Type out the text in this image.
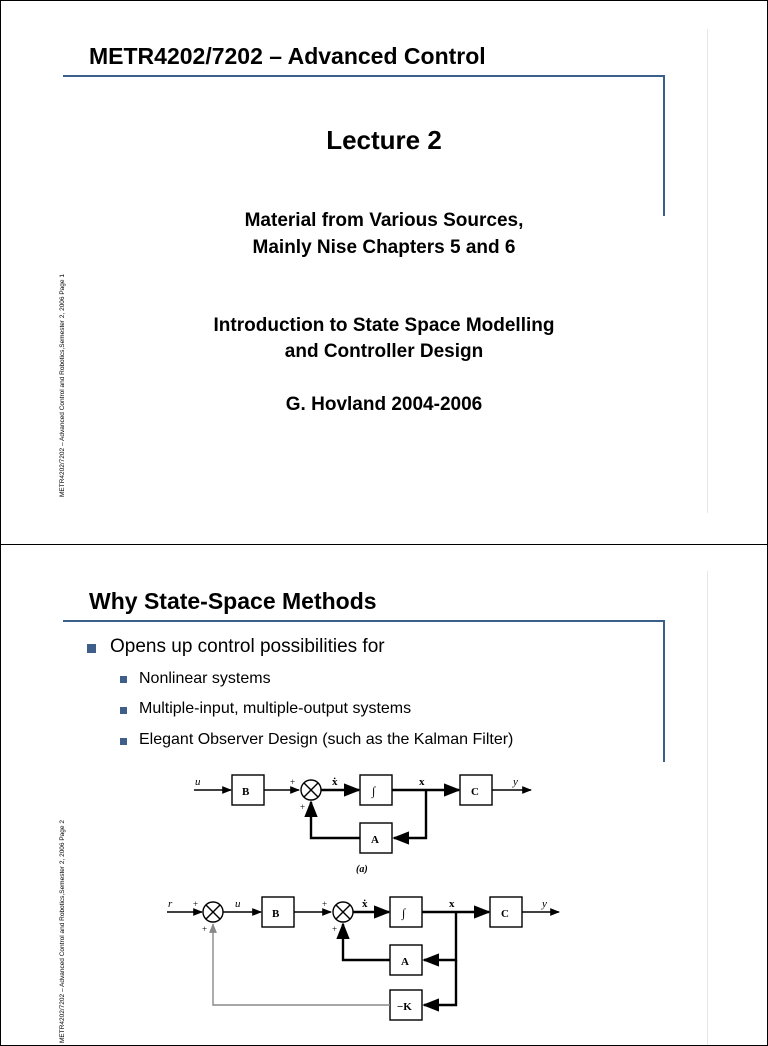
METR4202/7202 – Advanced Control
Lecture 2
Material from Various Sources,
Mainly Nise Chapters 5 and 6
Introduction to State Space Modelling
and Controller Design
G. Hovland 2004-2006
METR4202/7202 – Advanced Control and Robotics,Semester 2, 2006 Page 1
Why State-Space Methods
Opens up control possibilities for
Nonlinear systems
Multiple-input, multiple-output systems
Elegant Observer Design (such as the Kalman Filter)
u
B
+
+
ẋ
∫
x
C
y
A
(a)
r +
+
u
B
+
+
ẋ
∫
x
C
y
A
−K
METR4202/7202 – Advanced Control and Robotics,Semester 2, 2006 Page 2
